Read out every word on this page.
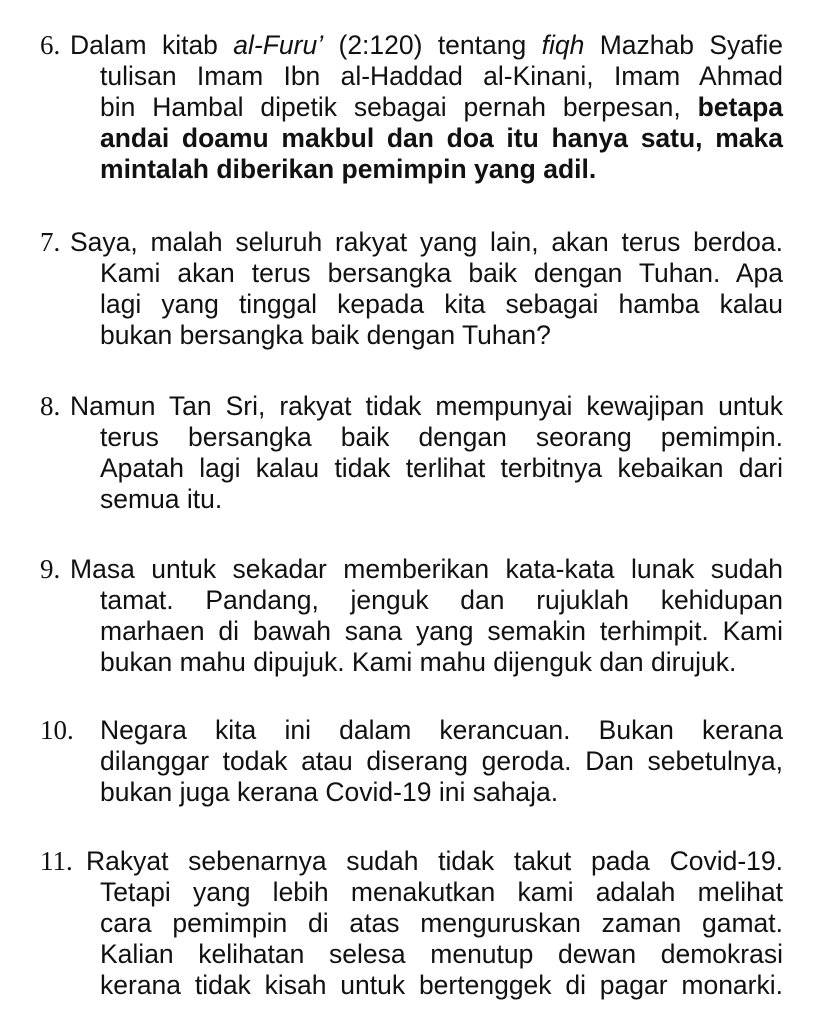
6. Dalam kitab al-Furu’ (2:120) tentang fiqh Mazhab Syafie
tulisan Imam Ibn al-Haddad al-Kinani, Imam Ahmad
bin Hambal dipetik sebagai pernah berpesan, betapa
andai doamu makbul dan doa itu hanya satu, maka
mintalah diberikan pemimpin yang adil.
7. Saya, malah seluruh rakyat yang lain, akan terus berdoa.
Kami akan terus bersangka baik dengan Tuhan. Apa
lagi yang tinggal kepada kita sebagai hamba kalau
bukan bersangka baik dengan Tuhan?
8. Namun Tan Sri, rakyat tidak mempunyai kewajipan untuk
terus bersangka baik dengan seorang pemimpin.
Apatah lagi kalau tidak terlihat terbitnya kebaikan dari
semua itu.
9. Masa untuk sekadar memberikan kata-kata lunak sudah
tamat. Pandang, jenguk dan rujuklah kehidupan
marhaen di bawah sana yang semakin terhimpit. Kami
bukan mahu dipujuk. Kami mahu dijenguk dan dirujuk.
10. Negara kita ini dalam kerancuan. Bukan kerana
dilanggar todak atau diserang geroda. Dan sebetulnya,
bukan juga kerana Covid-19 ini sahaja.
11. Rakyat sebenarnya sudah tidak takut pada Covid-19.
Tetapi yang lebih menakutkan kami adalah melihat
cara pemimpin di atas menguruskan zaman gamat.
Kalian kelihatan selesa menutup dewan demokrasi
kerana tidak kisah untuk bertenggek di pagar monarki.
